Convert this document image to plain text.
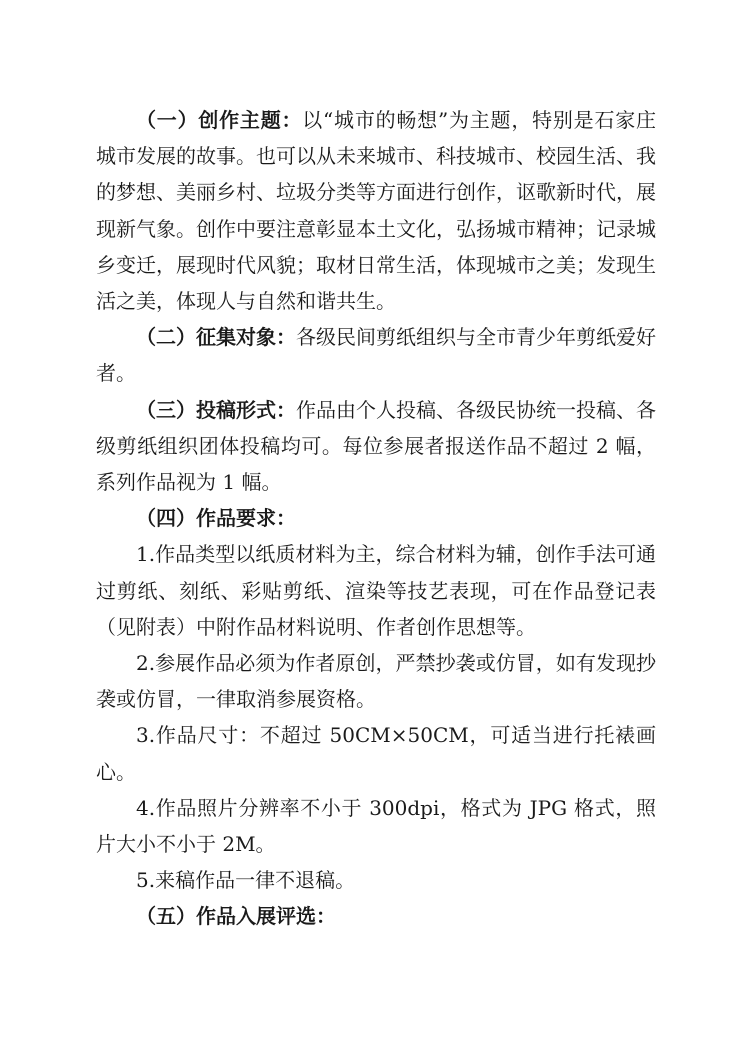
（一）创作主题：以“城市的畅想”为主题，特别是石家庄城市发展的故事。也可以从未来城市、科技城市、校园生活、我的梦想、美丽乡村、垃圾分类等方面进行创作，讴歌新时代，展现新气象。创作中要注意彰显本土文化，弘扬城市精神；记录城乡变迁，展现时代风貌；取材日常生活，体现城市之美；发现生活之美，体现人与自然和谐共生。

（二）征集对象：各级民间剪纸组织与全市青少年剪纸爱好者。

（三）投稿形式：作品由个人投稿、各级民协统一投稿、各级剪纸组织团体投稿均可。每位参展者报送作品不超过 2 幅，系列作品视为 1 幅。

（四）作品要求：

1.作品类型以纸质材料为主，综合材料为辅，创作手法可通过剪纸、刻纸、彩贴剪纸、渲染等技艺表现，可在作品登记表（见附表）中附作品材料说明、作者创作思想等。

2.参展作品必须为作者原创，严禁抄袭或仿冒，如有发现抄袭或仿冒，一律取消参展资格。

3.作品尺寸：不超过 50CM×50CM，可适当进行托裱画心。

4.作品照片分辨率不小于 300dpi，格式为 JPG 格式，照片大小不小于 2M。

5.来稿作品一律不退稿。

（五）作品入展评选：
